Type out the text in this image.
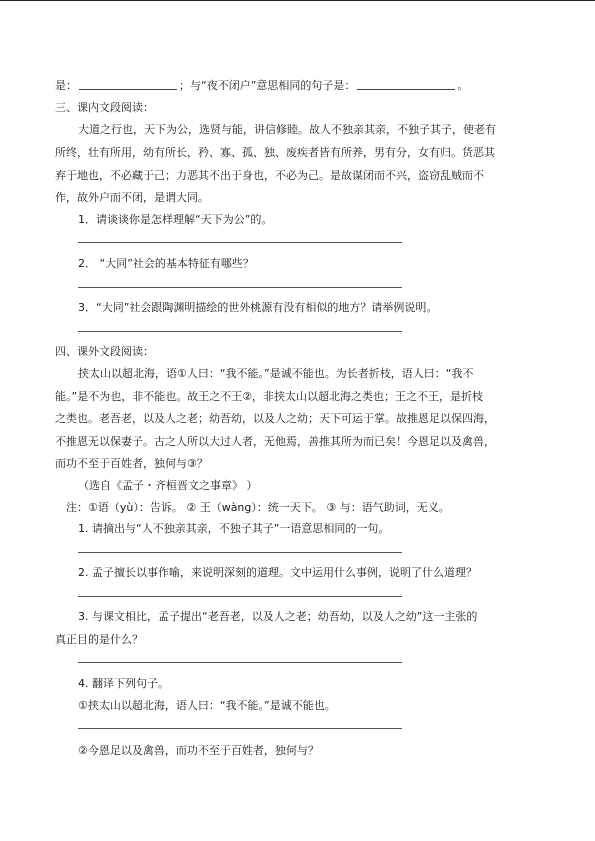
是：	；与“夜不闭户”意思相同的句子是：	。
三、课内文段阅读：
大道之行也，天下为公，选贤与能，讲信修睦。故人不独亲其亲，不独子其子，使老有
所终，壮有所用，幼有所长，矜、寡、孤、独、废疾者皆有所养，男有分，女有归。货恶其
弃于地也，不必藏于己；力恶其不出于身也，不必为己。是故谋闭而不兴，盗窃乱贼而不
作，故外户而不闭，是谓大同。
1．请谈谈你是怎样理解“天下为公”的。
2． “大同”社会的基本特征有哪些？
3．“大同”社会跟陶渊明描绘的世外桃源有没有相似的地方？请举例说明。
四、课外文段阅读：
挟太山以超北海，语①人曰：“我不能。”是诚不能也。为长者折枝，语人曰：“我不
能。”是不为也，非不能也。故王之不王②，非挟太山以超北海之类也；王之不王，是折枝
之类也。老吾老，以及人之老；幼吾幼，以及人之幼；天下可运于掌。故推恩足以保四海，
不推恩无以保妻子。古之人所以大过人者，无他焉，善推其所为而已矣！今恩足以及禽兽，
而功不至于百姓者，独何与③？
（选自《孟子・齐桓晋文之事章》 ）
注：①语（yù）：告诉。 ② 王（wàng）：统一天下。 ③ 与：语气助词，无义。
1. 请摘出与“人不独亲其亲，不独子其子”一语意思相同的一句。
2. 孟子擅长以事作喻，来说明深刻的道理。文中运用什么事例，说明了什么道理？
3. 与课文相比，孟子提出“老吾老，以及人之老；幼吾幼，以及人之幼”这一主张的
真正目的是什么？
4. 翻译下列句子。
①挟太山以超北海，语人曰：“我不能。”是诚不能也。
②今恩足以及禽兽，而功不至于百姓者，独何与？
